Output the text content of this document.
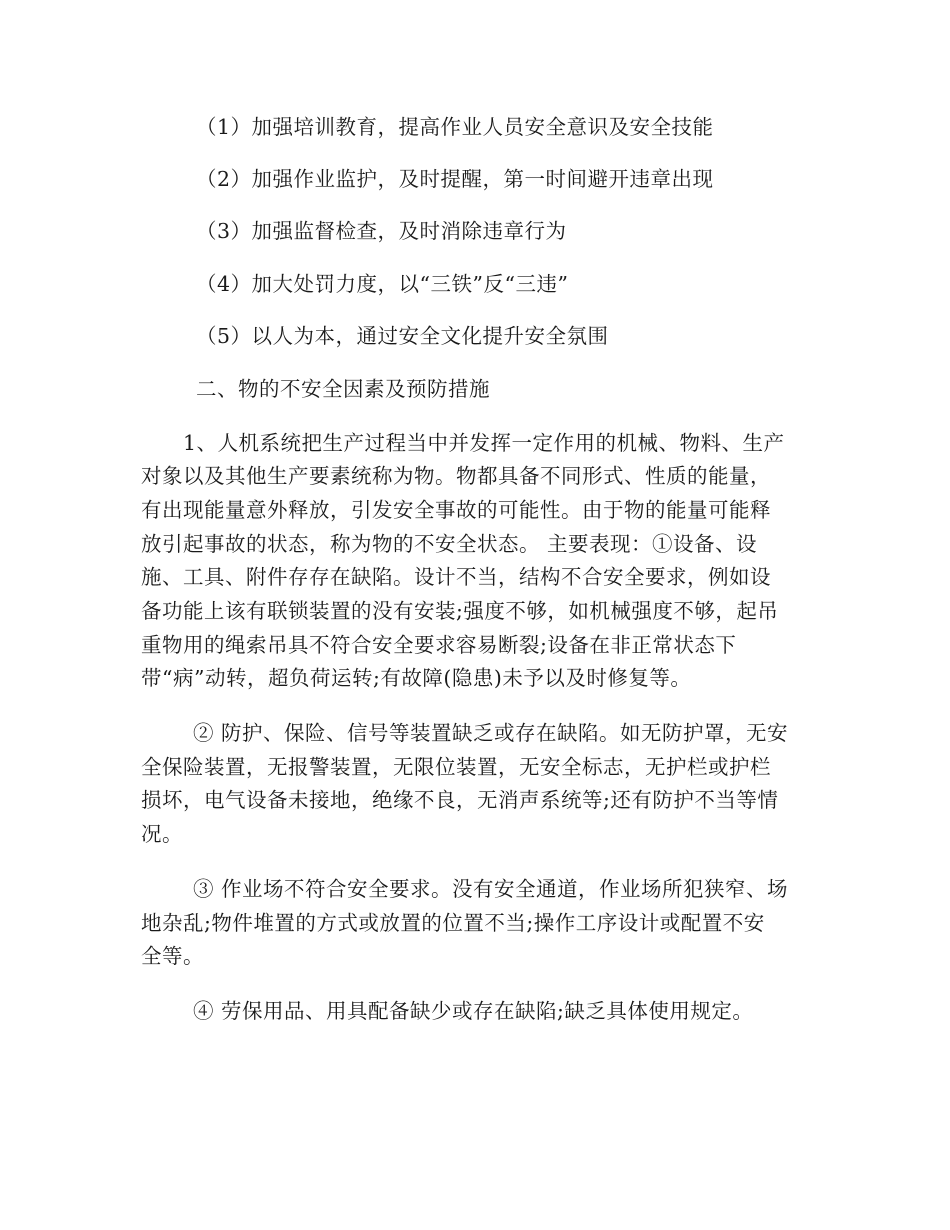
（1）加强培训教育，提高作业人员安全意识及安全技能
（2）加强作业监护，及时提醒，第一时间避开违章出现
（3）加强监督检查，及时消除违章行为
（4）加大处罚力度，以“三铁”反“三违”
（5）以人为本，通过安全文化提升安全氛围
二、物的不安全因素及预防措施
1、人机系统把生产过程当中并发挥一定作用的机械、物料、生产
对象以及其他生产要素统称为物。物都具备不同形式、性质的能量，
有出现能量意外释放，引发安全事故的可能性。由于物的能量可能释
放引起事故的状态，称为物的不安全状态。 主要表现：①设备、设
施、工具、附件存存在缺陷。设计不当，结构不合安全要求，例如设
备功能上该有联锁装置的没有安装;强度不够，如机械强度不够，起吊
重物用的绳索吊具不符合安全要求容易断裂;设备在非正常状态下
带“病”动转，超负荷运转;有故障(隐患)未予以及时修复等。
② 防护、保险、信号等装置缺乏或存在缺陷。如无防护罩，无安
全保险装置，无报警装置，无限位装置，无安全标志，无护栏或护栏
损坏，电气设备未接地，绝缘不良，无消声系统等;还有防护不当等情
况。
③ 作业场不符合安全要求。没有安全通道，作业场所犯狭窄、场
地杂乱;物件堆置的方式或放置的位置不当;操作工序设计或配置不安
全等。
④ 劳保用品、用具配备缺少或存在缺陷;缺乏具体使用规定。
